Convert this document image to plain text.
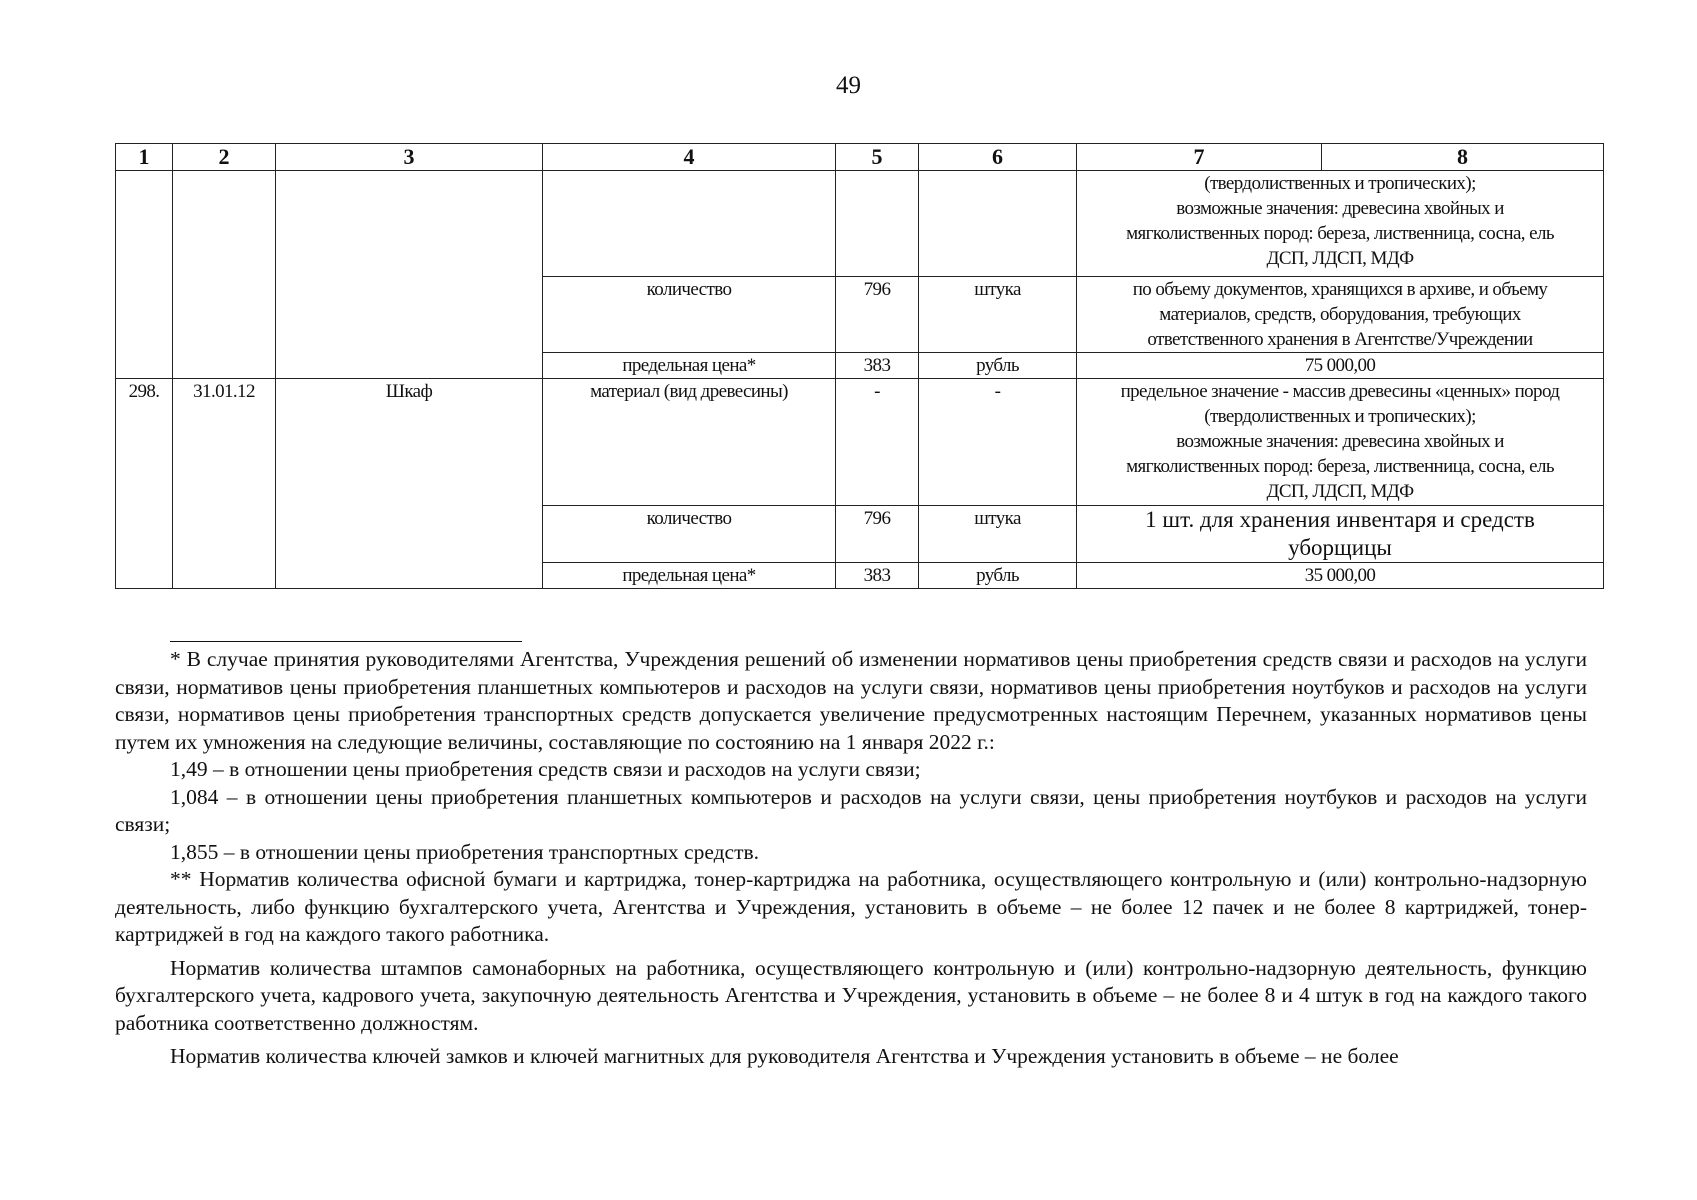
49
1	2	3	4	5	6	7	8
						(твердолиственных и тропических);
возможные значения: древесина хвойных и
мягколиственных пород: береза, лиственница, сосна, ель
ДСП, ЛДСП, МДФ	
			количество	796	штука	по объему документов, хранящихся в архиве, и объему
материалов, средств, оборудования, требующих
ответственного хранения в Агентстве/Учреждении	
			предельная цена*	383	рубль	75 000,00	
298.	31.01.12	Шкаф	материал (вид древесины)	-	-	предельное значение - массив древесины «ценных» пород
(твердолиственных и тропических);
возможные значения: древесина хвойных и
мягколиственных пород: береза, лиственница, сосна, ель
ДСП, ЛДСП, МДФ	
			количество	796	штука	1 шт. для хранения инвентаря и средств
уборщицы	
			предельная цена*	383	рубль	35 000,00	

* В случае принятия руководителями Агентства, Учреждения решений об изменении нормативов цены приобретения средств связи и расходов на услуги связи, нормативов цены приобретения планшетных компьютеров и расходов на услуги связи, нормативов цены приобретения ноутбуков и расходов на услуги связи, нормативов цены приобретения транспортных средств допускается увеличение предусмотренных настоящим Перечнем, указанных нормативов цены путем их умножения на следующие величины, составляющие по состоянию на 1 января 2022 г.:

1,49 – в отношении цены приобретения средств связи и расходов на услуги связи;

1,084 – в отношении цены приобретения планшетных компьютеров и расходов на услуги связи, цены приобретения ноутбуков и расходов на услуги связи;

1,855 – в отношении цены приобретения транспортных средств.

** Норматив количества офисной бумаги и картриджа, тонер-картриджа на работника, осуществляющего контрольную и (или) контрольно-надзорную деятельность, либо функцию бухгалтерского учета, Агентства и Учреждения, установить в объеме – не более 12 пачек и не более 8 картриджей, тонер-картриджей в год на каждого такого работника.

Норматив количества штампов самонаборных на работника, осуществляющего контрольную и (или) контрольно-надзорную деятельность, функцию бухгалтерского учета, кадрового учета, закупочную деятельность Агентства и Учреждения, установить в объеме – не более 8 и 4 штук в год на каждого такого работника соответственно должностям.

Норматив количества ключей замков и ключей магнитных для руководителя Агентства и Учреждения установить в объеме – не более
